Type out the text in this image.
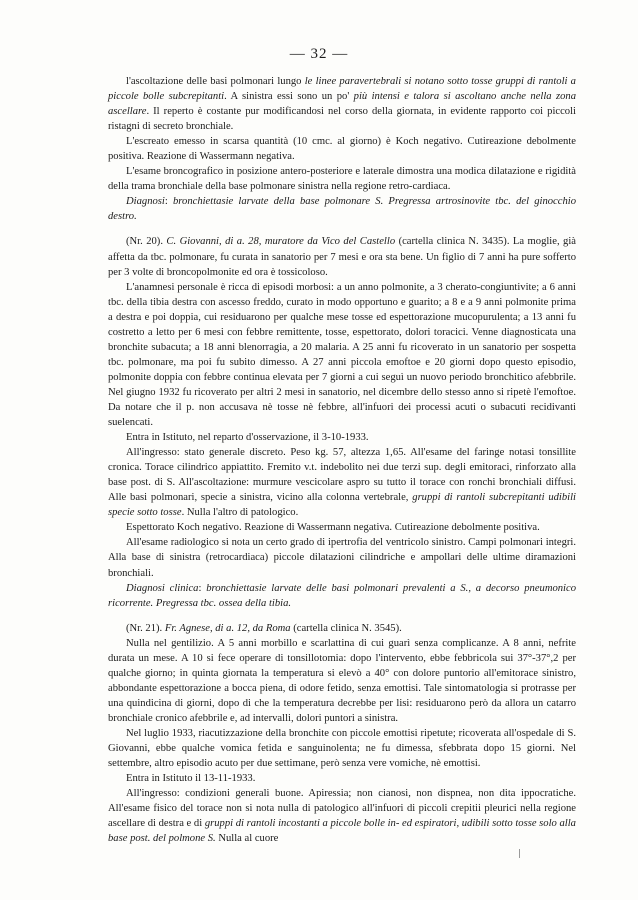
— 32 —

l'ascoltazione delle basi polmonari lungo le linee paravertebrali si notano sotto tosse gruppi di rantoli a piccole bolle subcrepitanti. A sinistra essi sono un po' più intensi e talora si ascoltano anche nella zona ascellare. Il reperto è costante pur modificandosi nel corso della giornata, in evidente rapporto coi piccoli ristagni di secreto bronchiale.

L'escreato emesso in scarsa quantità (10 cmc. al giorno) è Koch negativo. Cutireazione debolmente positiva. Reazione di Wassermann negativa.

L'esame broncografico in posizione antero-posteriore e laterale dimostra una modica dilatazione e rigidità della trama bronchiale della base polmonare sinistra nella regione retro-cardiaca.

Diagnosi: bronchiettasie larvate della base polmonare S. Pregressa artrosinovite tbc. del ginocchio destro.

(Nr. 20). C. Giovanni, di a. 28, muratore da Vico del Castello (cartella clinica N. 3435). La moglie, già affetta da tbc. polmonare, fu curata in sanatorio per 7 mesi e ora sta bene. Un figlio di 7 anni ha pure sofferto per 3 volte di broncopolmonite ed ora è tossicoloso.

L'anamnesi personale è ricca di episodi morbosi: a un anno polmonite, a 3 cherato-congiuntivite; a 6 anni tbc. della tibia destra con ascesso freddo, curato in modo opportuno e guarito; a 8 e a 9 anni polmonite prima a destra e poi doppia, cui residuarono per qualche mese tosse ed espettorazione mucopurulenta; a 13 anni fu costretto a letto per 6 mesi con febbre remittente, tosse, espettorato, dolori toracici. Venne diagnosticata una bronchite subacuta; a 18 anni blenorragia, a 20 malaria. A 25 anni fu ricoverato in un sanatorio per sospetta tbc. polmonare, ma poi fu subito dimesso. A 27 anni piccola emoftoe e 20 giorni dopo questo episodio, polmonite doppia con febbre continua elevata per 7 giorni a cui seguì un nuovo periodo bronchitico afebbrile. Nel giugno 1932 fu ricoverato per altri 2 mesi in sanatorio, nel dicembre dello stesso anno si ripetè l'emoftoe. Da notare che il p. non accusava nè tosse nè febbre, all'infuori dei processi acuti o subacuti recidivanti suelencati.

Entra in Istituto, nel reparto d'osservazione, il 3-10-1933.

All'ingresso: stato generale discreto. Peso kg. 57, altezza 1,65. All'esame del faringe notasi tonsillite cronica. Torace cilindrico appiattito. Fremito v.t. indebolito nei due terzi sup. degli emitoraci, rinforzato alla base post. di S. All'ascoltazione: murmure vescicolare aspro su tutto il torace con ronchi bronchiali diffusi. Alle basi polmonari, specie a sinistra, vicino alla colonna vertebrale, gruppi di rantoli subcrepitanti udibili specie sotto tosse. Nulla l'altro di patologico.

Espettorato Koch negativo. Reazione di Wassermann negativa. Cutireazione debolmente positiva.

All'esame radiologico si nota un certo grado di ipertrofia del ventricolo sinistro. Campi polmonari integri. Alla base di sinistra (retrocardiaca) piccole dilatazioni cilindriche e ampollari delle ultime diramazioni bronchiali.

Diagnosi clinica: bronchiettasie larvate delle basi polmonari prevalenti a S., a decorso pneumonico ricorrente. Pregressa tbc. ossea della tibia.

(Nr. 21). Fr. Agnese, di a. 12, da Roma (cartella clinica N. 3545).

Nulla nel gentilizio. A 5 anni morbillo e scarlattina di cui guarì senza complicanze. A 8 anni, nefrite durata un mese. A 10 si fece operare di tonsillotomia: dopo l'intervento, ebbe febbricola sui 37°-37°,2 per qualche giorno; in quinta giornata la temperatura si elevò a 40° con dolore puntorio all'emitorace sinistro, abbondante espettorazione a bocca piena, di odore fetido, senza emottisi. Tale sintomatologia si protrasse per una quindicina di giorni, dopo di che la temperatura decrebbe per lisi: residuarono però da allora un catarro bronchiale cronico afebbrile e, ad intervalli, dolori puntori a sinistra.

Nel luglio 1933, riacutizzazione della bronchite con piccole emottisi ripetute; ricoverata all'ospedale di S. Giovanni, ebbe qualche vomica fetida e sanguinolenta; ne fu dimessa, sfebbrata dopo 15 giorni. Nel settembre, altro episodio acuto per due settimane, però senza vere vomiche, nè emottisi.

Entra in Istituto il 13-11-1933.

All'ingresso: condizioni generali buone. Apiressia; non cianosi, non dispnea, non dita ippocratiche. All'esame fisico del torace non si nota nulla di patologico all'infuori di piccoli crepitii pleurici nella regione ascellare di destra e di gruppi di rantoli incostanti a piccole bolle in- ed espiratori, udibili sotto tosse solo alla base post. del polmone S. Nulla al cuore
